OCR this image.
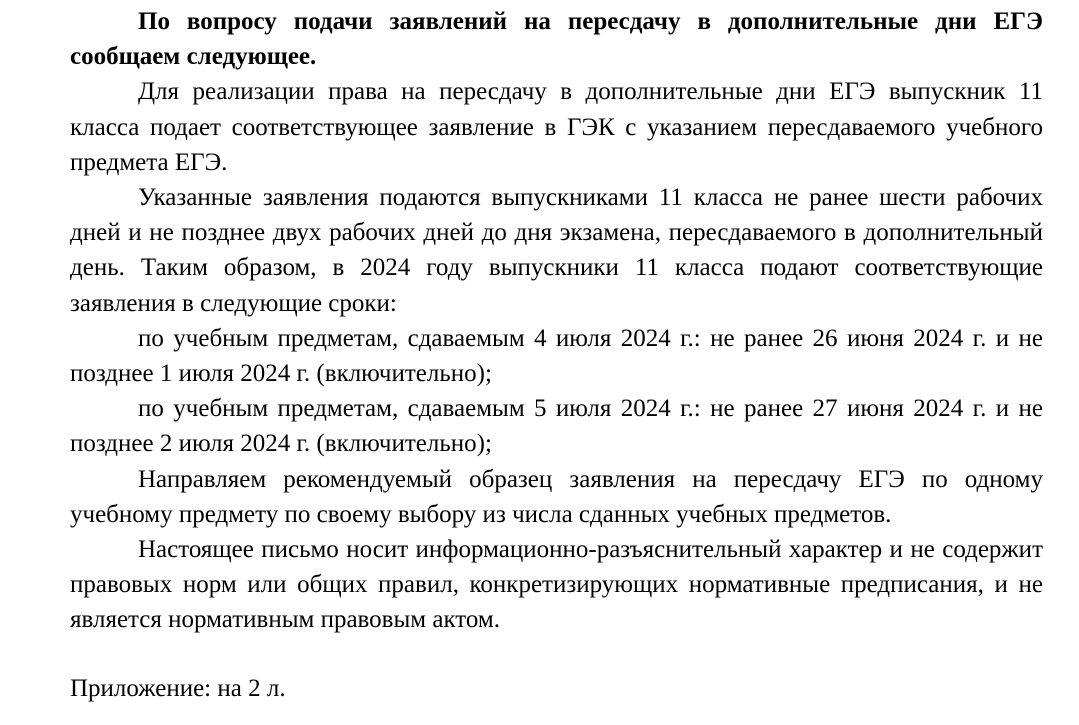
По вопросу подачи заявлений на пересдачу в дополнительные дни ЕГЭ сообщаем следующее.

Для реализации права на пересдачу в дополнительные дни ЕГЭ выпускник 11 класса подает соответствующее заявление в ГЭК с указанием пересдаваемого учебного предмета ЕГЭ.

Указанные заявления подаются выпускниками 11 класса не ранее шести рабочих дней и не позднее двух рабочих дней до дня экзамена, пересдаваемого в дополнительный день. Таким образом, в 2024 году выпускники 11 класса подают соответствующие заявления в следующие сроки:

по учебным предметам, сдаваемым 4 июля 2024 г.: не ранее 26 июня 2024 г. и не позднее 1 июля 2024 г. (включительно);

по учебным предметам, сдаваемым 5 июля 2024 г.: не ранее 27 июня 2024 г. и не позднее 2 июля 2024 г. (включительно);

Направляем рекомендуемый образец заявления на пересдачу ЕГЭ по одному учебному предмету по своему выбору из числа сданных учебных предметов.

Настоящее письмо носит информационно-разъяснительный характер и не содержит правовых норм или общих правил, конкретизирующих нормативные предписания, и не является нормативным правовым актом.

Приложение: на 2 л.
